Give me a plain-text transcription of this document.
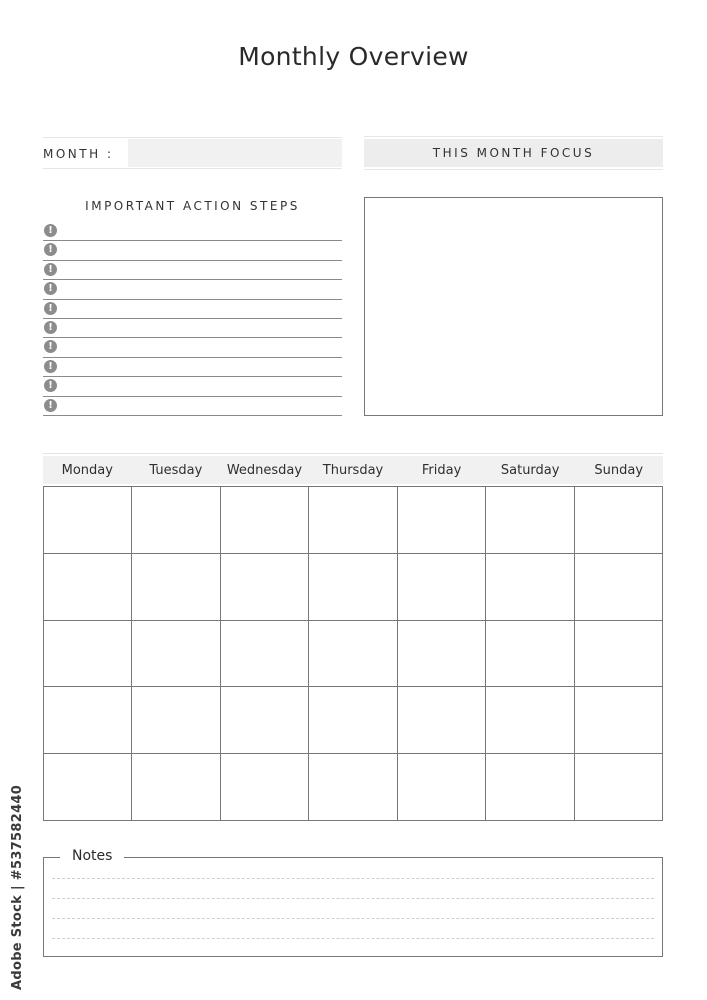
Monthly Overview
MONTH :	THIS MONTH FOCUS
IMPORTANT ACTION STEPS
!
!
!
!
!
!
!
!
!
!
Monday	Tuesday	Wednesday	Thursday	Friday	Saturday	Sunday
Notes
Adobe Stock | #537582440
